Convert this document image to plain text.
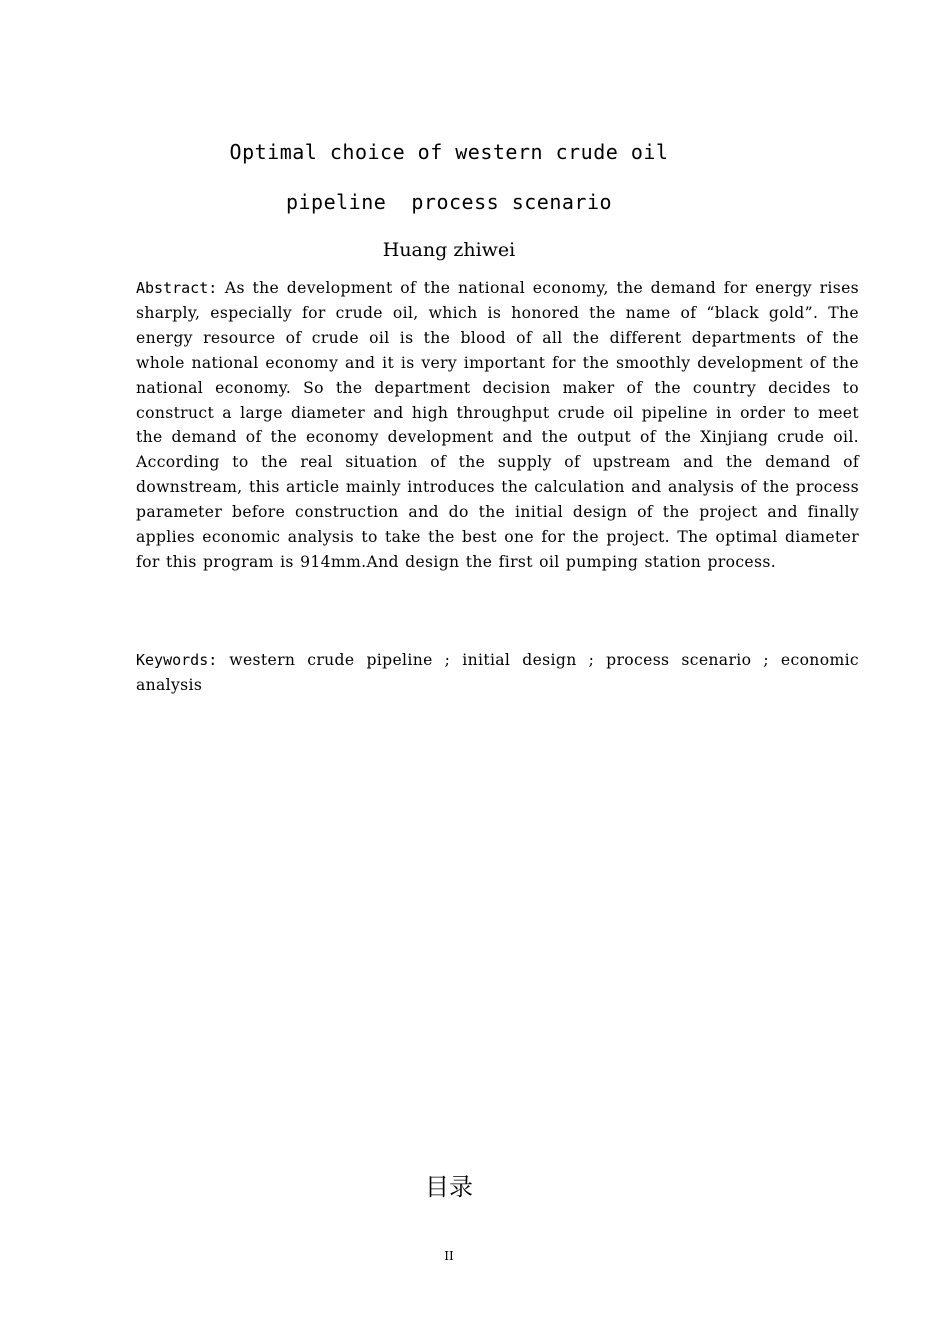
Optimal choice of western crude oil
pipeline  process scenario
Huang zhiwei
Abstract: As the development of the national economy, the demand for energy rises sharply, especially for crude oil, which is honored the name of “black gold”. The energy resource of crude oil is the blood of all the different departments of the whole national economy and it is very important for the smoothly development of the national economy. So the department decision maker of the country decides to construct a large diameter and high throughput crude oil pipeline in order to meet the demand of the economy development and the output of the Xinjiang crude oil. According to the real situation of the supply of upstream and the demand of downstream, this article mainly introduces the calculation and analysis of the process parameter before construction and do the initial design of the project and finally applies economic analysis to take the best one for the project. The optimal diameter for this program is 914mm.And design the first oil pumping station process.
Keywords: western crude pipeline ; initial design ; process scenario ; economic analysis
目录
II
